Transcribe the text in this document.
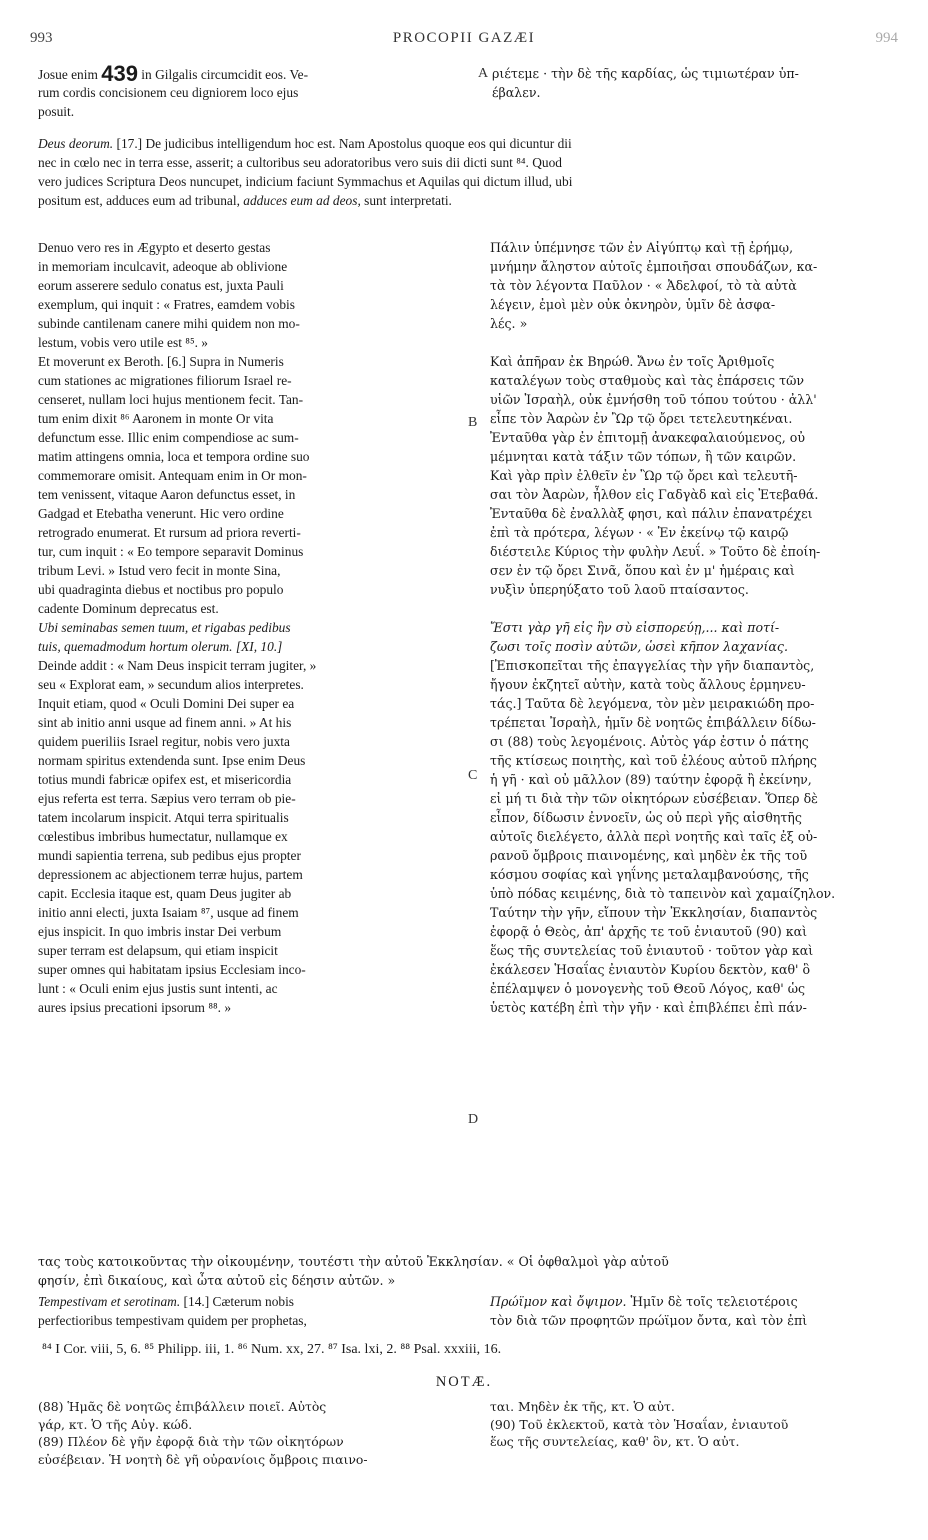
993	PROCOPII GAZÆI	994
Josue enim 439 in Gilgalis circumcidit eos. Ve-
rum cordis concisionem ceu digniorem loco ejus
posuit.
A ριέτεμε · τὴν δὲ τῆς καρδίας, ὡς τιμιωτέραν ὑπ-
έβαλεν.
Deus deorum. [17.] De judicibus intelligendum hoc est. Nam Apostolus quoque eos qui dicuntur dii
nec in cœlo nec in terra esse, asserit; a cultoribus seu adoratoribus vero suis dii dicti sunt ⁸⁴. Quod
vero judices Scriptura Deos nuncupet, indicium faciunt Symmachus et Aquilas qui dictum illud, ubi
positum est, adduces eum ad tribunal, adduces eum ad deos, sunt interpretati.
Denuo vero res in Ægypto et deserto gestas
in memoriam inculcavit, adeoque ab oblivione
eorum asserere sedulo conatus est, juxta Pauli
exemplum, qui inquit : « Fratres, eamdem vobis
subinde cantilenam canere mihi quidem non mo-
lestum, vobis vero utile est ⁸⁵. »
Et moverunt ex Beroth. [6.] Supra in Numeris
cum stationes ac migrationes filiorum Israel re-
censeret, nullam loci hujus mentionem fecit. Tan-
tum enim dixit ⁸⁶ Aaronem in monte Or vita
defunctum esse. Illic enim compendiose ac sum-
matim attingens omnia, loca et tempora ordine suo
commemorare omisit. Antequam enim in Or mon-
tem venissent, vitaque Aaron defunctus esset, in
Gadgad et Etebatha venerunt. Hic vero ordine
retrogrado enumerat. Et rursum ad priora reverti-
tur, cum inquit : « Eo tempore separavit Dominus
tribum Levi. » Istud vero fecit in monte Sina,
ubi quadraginta diebus et noctibus pro populo
cadente Dominum deprecatus est.
Ubi seminabas semen tuum, et rigabas pedibus
tuis, quemadmodum hortum olerum. [XI, 10.]
Deinde addit : « Nam Deus inspicit terram jugiter, »
seu « Explorat eam, » secundum alios interpretes.
Inquit etiam, quod « Oculi Domini Dei super ea
sint ab initio anni usque ad finem anni. » At his
quidem pueriliis Israel regitur, nobis vero juxta
normam spiritus extendenda sunt. Ipse enim Deus
totius mundi fabricæ opifex est, et misericordia
ejus referta est terra. Sæpius vero terram ob pie-
tatem incolarum inspicit. Atqui terra spiritualis
cœlestibus imbribus humectatur, nullamque ex
mundi sapientia terrena, sub pedibus ejus propter
depressionem ac abjectionem terræ hujus, partem
capit. Ecclesia itaque est, quam Deus jugiter ab
initio anni electi, juxta Isaiam ⁸⁷, usque ad finem
ejus inspicit. In quo imbris instar Dei verbum
super terram est delapsum, qui etiam inspicit
super omnes qui habitatam ipsius Ecclesiam inco-
lunt : « Oculi enim ejus justis sunt intenti, ac
aures ipsius precationi ipsorum ⁸⁸. »
Πάλιν ὑπέμνησε τῶν ἐν Αἰγύπτῳ καὶ τῇ ἐρήμῳ,
μνήμην ἄληστον αὐτοῖς ἐμποιῆσαι σπουδάζων, κα-
τὰ τὸν λέγοντα Παῦλον · « Ἀδελφοί, τὸ τὰ αὐτὰ
λέγειν, ἐμοὶ μὲν οὐκ ὀκνηρὸν, ὑμῖν δὲ ἀσφα-
λές. »
Καὶ ἀπῆραν ἐκ Βηρώθ. Ἄνω ἐν τοῖς Ἀριθμοῖς
καταλέγων τοὺς σταθμοὺς καὶ τὰς ἐπάρσεις τῶν
υἱῶν Ἰσραὴλ, οὐκ ἐμνήσθη τοῦ τόπου τούτου · ἀλλ'
εἶπε τὸν Ἀαρὼν ἐν Ὢρ τῷ ὄρει τετελευτηκέναι.
Ἐνταῦθα γὰρ ἐν ἐπιτομῇ ἀνακεφαλαιούμενος, οὐ
μέμνηται κατὰ τάξιν τῶν τόπων, ἢ τῶν καιρῶν.
Καὶ γὰρ πρὶν ἐλθεῖν ἐν Ὢρ τῷ ὄρει καὶ τελευτῆ-
σαι τὸν Ἀαρὼν, ἦλθον εἰς Γαδγὰδ καὶ εἰς Ἐτεβαθά.
Ἐνταῦθα δὲ ἐναλλὰξ φησι, καὶ πάλιν ἐπανατρέχει
ἐπὶ τὰ πρότερα, λέγων · « Ἐν ἐκείνῳ τῷ καιρῷ
διέστειλε Κύριος τὴν φυλὴν Λευΐ. » Τοῦτο δὲ ἐποίη-
σεν ἐν τῷ ὄρει Σινᾶ, ὅπου καὶ ἐν μ' ἡμέραις καὶ
νυξὶν ὑπερηύξατο τοῦ λαοῦ πταίσαντος.
Ἔστι γὰρ γῆ εἰς ἣν σὺ εἰσπορεύῃ,... καὶ ποτί-
ζωσι τοῖς ποσὶν αὐτῶν, ὡσεὶ κῆπον λαχανίας.
[Ἐπισκοπεῖται τῆς ἐπαγγελίας τὴν γῆν διαπαντὸς,
ἤγουν ἐκζητεῖ αὐτὴν, κατὰ τοὺς ἄλλους ἑρμηνευ-
τάς.] Ταῦτα δὲ λεγόμενα, τὸν μὲν μειρακιώδη προ-
τρέπεται Ἰσραὴλ, ἡμῖν δὲ νοητῶς ἐπιβάλλειν δίδω-
σι (88) τοὺς λεγομένοις. Αὐτὸς γάρ ἐστιν ὁ πάτης
τῆς κτίσεως ποιητὴς, καὶ τοῦ ἐλέους αὐτοῦ πλήρης
ἡ γῆ · καὶ οὐ μᾶλλον (89) ταύτην ἐφορᾷ ἢ ἐκείνην,
εἰ μή τι διὰ τὴν τῶν οἰκητόρων εὐσέβειαν. Ὅπερ δὲ
εἶπον, δίδωσιν ἐννοεῖν, ὡς οὐ περὶ γῆς αἰσθητῆς
αὐτοῖς διελέγετο, ἀλλὰ περὶ νοητῆς καὶ ταῖς ἐξ οὐ-
ρανοῦ ὄμβροις πιαινομένης, καὶ μηδὲν ἐκ τῆς τοῦ
κόσμου σοφίας καὶ γηΐνης μεταλαμβανούσης, τῆς
ὑπὸ πόδας κειμένης, διὰ τὸ ταπεινὸν καὶ χαμαίζηλον.
Ταύτην τὴν γῆν, εἴπουν τὴν Ἐκκλησίαν, διαπαντὸς
ἐφορᾷ ὁ Θεὸς, ἀπ' ἀρχῆς τε τοῦ ἐνιαυτοῦ (90) καὶ
ἕως τῆς συντελείας τοῦ ἐνιαυτοῦ · τοῦτον γὰρ καὶ
ἐκάλεσεν Ἡσαΐας ἐνιαυτὸν Κυρίου δεκτὸν, καθ' ὃ
ἐπέλαμψεν ὁ μονογενὴς τοῦ Θεοῦ Λόγος, καθ' ὡς
ὑετὸς κατέβη ἐπὶ τὴν γῆν · καὶ ἐπιβλέπει ἐπὶ πάν-
B
C
D
τας τοὺς κατοικοῦντας τὴν οἰκουμένην, τουτέστι τὴν αὐτοῦ Ἐκκλησίαν. « Οἱ ὀφθαλμοὶ γὰρ αὐτοῦ
φησίν, ἐπὶ δικαίους, καὶ ὦτα αὐτοῦ εἰς δέησιν αὐτῶν. »
Tempestivam et serotinam. [14.] Cæterum nobis
perfectioribus tempestivam quidem per prophetas,
Πρώϊμον καὶ ὄψιμον. Ἡμῖν δὲ τοῖς τελειοτέροις
τὸν διὰ τῶν προφητῶν πρώϊμον ὄντα, καὶ τὸν ἐπὶ
⁸⁴ I Cor. viii, 5, 6. ⁸⁵ Philipp. iii, 1. ⁸⁶ Num. xx, 27. ⁸⁷ Isa. lxi, 2. ⁸⁸ Psal. xxxiii, 16.
NOTÆ.
(88) Ἡμᾶς δὲ νοητῶς ἐπιβάλλειν ποιεῖ. Αὐτὸς
γάρ, κτ. Ὁ τῆς Αὐγ. κώδ.
(89) Πλέον δὲ γῆν ἐφορᾷ διὰ τὴν τῶν οἰκητόρων
εὐσέβειαν. Ἡ νοητὴ δὲ γῆ οὐρανίοις ὄμβροις πιαινο-
ται. Μηδὲν ἐκ τῆς, κτ. Ὁ αὐτ.
(90) Τοῦ ἐκλεκτοῦ, κατὰ τὸν Ἡσαΐαν, ἐνιαυτοῦ
ἕως τῆς συντελείας, καθ' ὃν, κτ. Ὁ αὐτ.
